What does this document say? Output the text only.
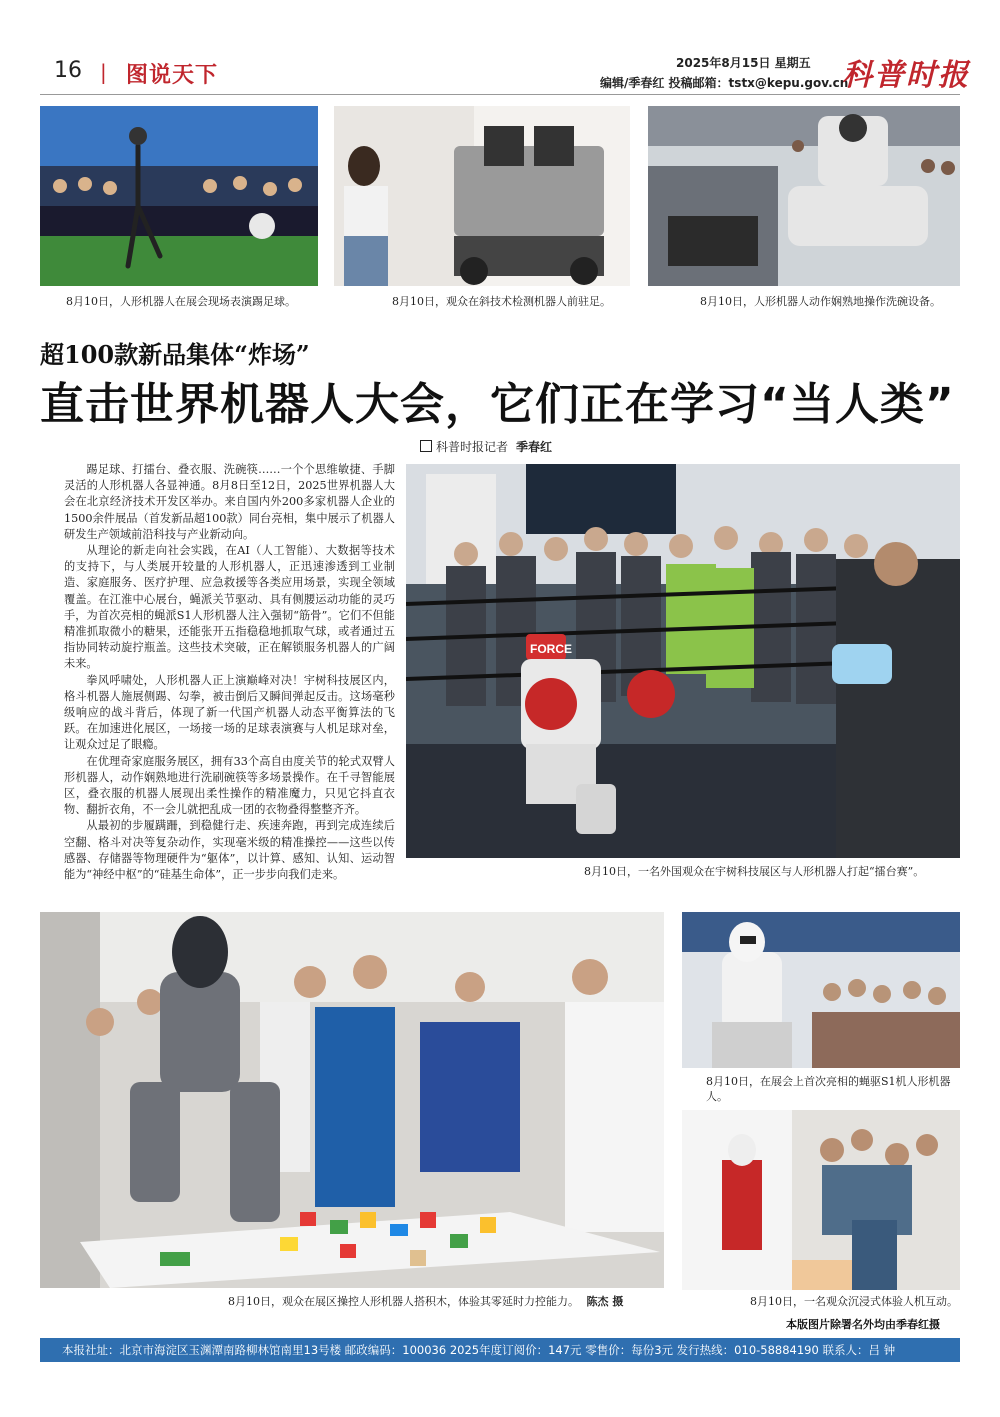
16 | 图说天下	2025年8月15日 星期五
编辑/季春红 投稿邮箱：tstx@kepu.gov.cn
科普时报
8月10日，人形机器人在展会现场表演踢足球。	8月10日，观众在斜技术检测机器人前驻足。	8月10日，人形机器人动作娴熟地操作洗碗设备。
超100款新品集体“炸场”
直击世界机器人大会，它们正在学习“当人类”
科普时报记者 季春红

踢足球、打擂台、叠衣服、洗碗筷……一个个思维敏捷、手脚灵活的人形机器人各显神通。8月8日至12日，2025世界机器人大会在北京经济技术开发区举办。来自国内外200多家机器人企业的1500余件展品（首发新品超100款）同台亮相，集中展示了机器人研发生产领域前沿科技与产业新动向。

从理论的新走向社会实践，在AI（人工智能）、大数据等技术的支持下，与人类展开较量的人形机器人，正迅速渗透到工业制造、家庭服务、医疗护理、应急救援等各类应用场景，实现全领域覆盖。在江淮中心展台，蝇派关节驱动、具有侧腰运动功能的灵巧手，为首次亮相的蝇派S1人形机器人注入强韧“筋骨”。它们不但能精准抓取微小的糖果，还能张开五指稳稳地抓取气球，或者通过五指协同转动旋拧瓶盖。这些技术突破，正在解锁服务机器人的广阔未来。

拳风呼啸处，人形机器人正上演巅峰对决！宇树科技展区内，格斗机器人施展侧踢、勾拳，被击倒后又瞬间弹起反击。这场毫秒级响应的战斗背后，体现了新一代国产机器人动态平衡算法的飞跃。在加速进化展区，一场接一场的足球表演赛与人机足球对垒，让观众过足了眼瘾。

在优理奇家庭服务展区，拥有33个高自由度关节的轮式双臂人形机器人，动作娴熟地进行洗刷碗筷等多场景操作。在千寻智能展区，叠衣服的机器人展现出柔性操作的精准魔力，只见它抖直衣物、翻折衣角，不一会儿就把乱成一团的衣物叠得整整齐齐。

从最初的步履蹒跚，到稳健行走、疾速奔跑，再到完成连续后空翻、格斗对决等复杂动作，实现毫米级的精准操控——这些以传感器、存储器等物理硬件为“躯体”，以计算、感知、认知、运动智能为“神经中枢”的“硅基生命体”，正一步步向我们走来。

FORCE
8月10日，一名外国观众在宇树科技展区与人形机器人打起“擂台赛”。
8月10日，观众在展区操控人形机器人搭积木，体验其零延时力控能力。 陈杰 摄
8月10日，在展会上首次亮相的蝇驱S1机人形机器人。
8月10日，一名观众沉浸式体验人机互动。
本版图片除署名外均由季春红摄
本报社址：北京市海淀区玉渊潭南路柳林馆南里13号楼 邮政编码：100036 2025年度订阅价：147元 零售价：每份3元 发行热线：010-58884190 联系人：吕 钟
